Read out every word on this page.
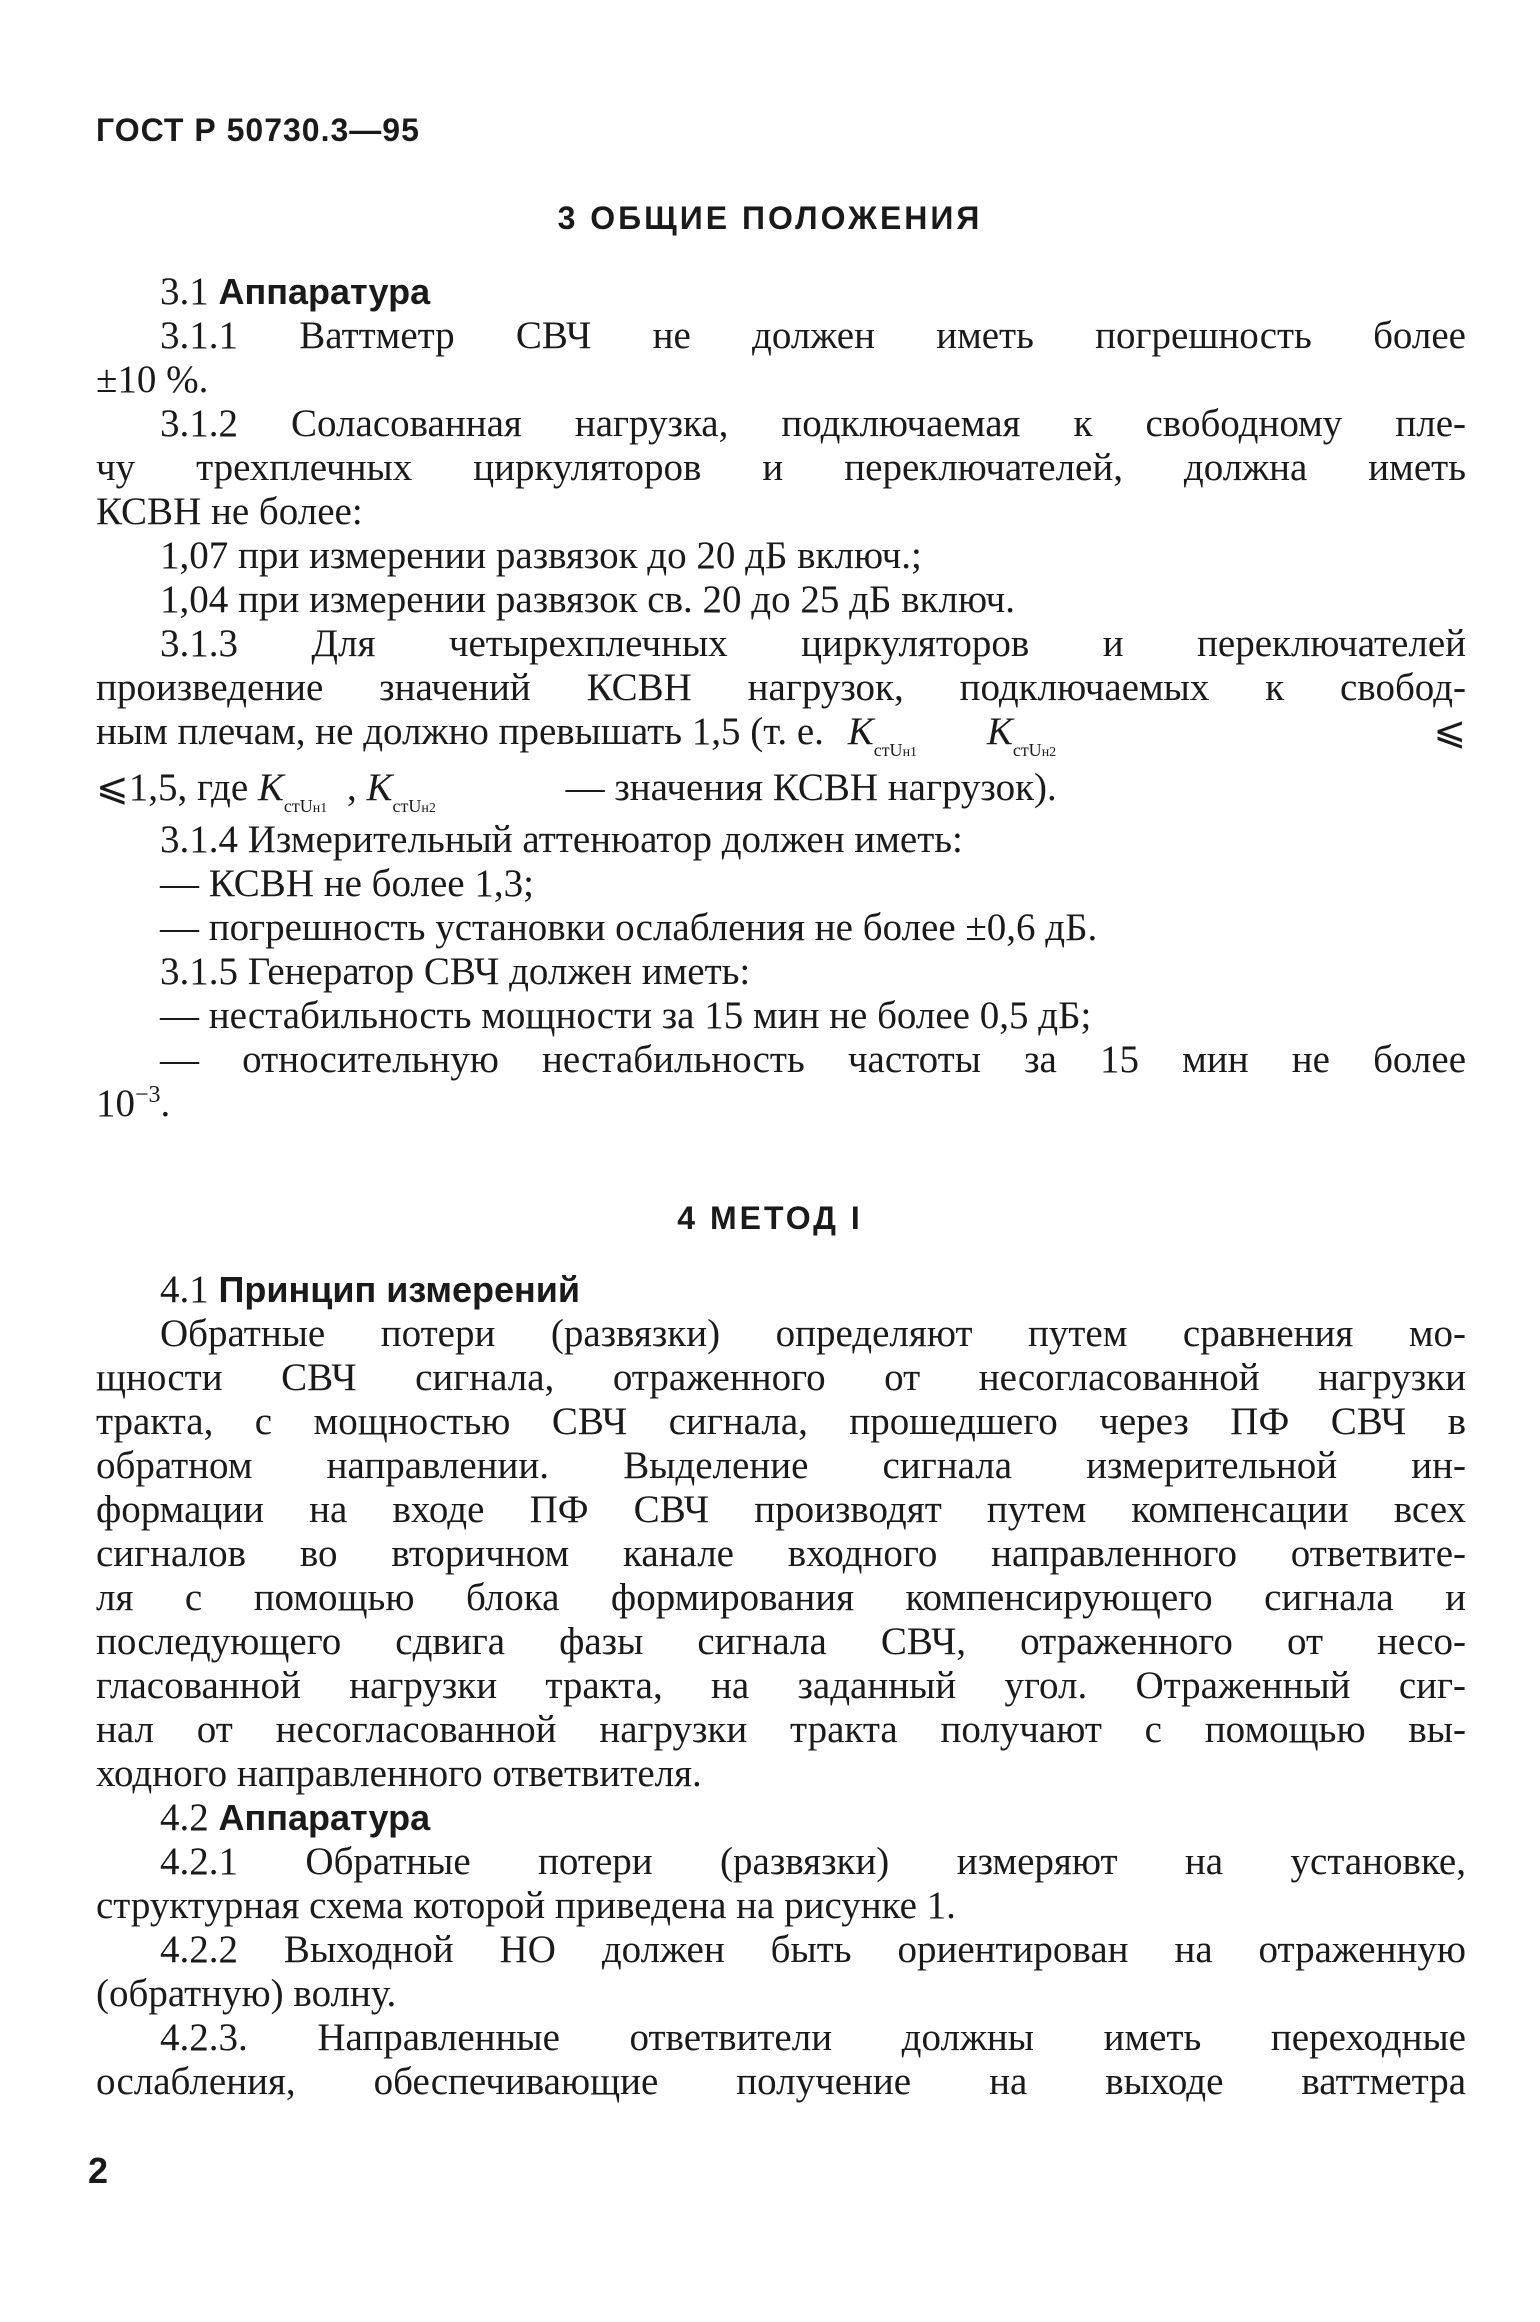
ГОСТ Р 50730.3—95
3 ОБЩИЕ ПОЛОЖЕНИЯ
3.1 Аппаратура
3.1.1 Ваттметр СВЧ не должен иметь погрешность более
±10 %.
3.1.2 Соласованная нагрузка, подключаемая к свободному пле-
чу трехплечных циркуляторов и переключателей, должна иметь
КСВН не более:
1,07 при измерении развязок до 20 дБ включ.;
1,04 при измерении развязок св. 20 до 25 дБ включ.
3.1.3 Для четырехплечных циркуляторов и переключателей
произведение значений КСВН нагрузок, подключаемых к свобод-
ным плечам, не должно превышать 1,5 (т. е. $K_{стUн1}$ $K_{стUн2}$	⩽
⩽1,5, где $K_{стUн1}$ , $K_{стUн2}$	— значения КСВН нагрузок).
3.1.4 Измерительный аттенюатор должен иметь:
— КСВН не более 1,3;
— погрешность установки ослабления не более ±0,6 дБ.
3.1.5 Генератор СВЧ должен иметь:
— нестабильность мощности за 15 мин не более 0,5 дБ;
— относительную нестабильность частоты за 15 мин не более
$10^{-3}$.
4 МЕТОД I
4.1 Принцип измерений
Обратные потери (развязки) определяют путем сравнения мо-
щности СВЧ сигнала, отраженного от несогласованной нагрузки
тракта, с мощностью СВЧ сигнала, прошедшего через ПФ СВЧ в
обратном направлении. Выделение сигнала измерительной ин-
формации на входе ПФ СВЧ производят путем компенсации всех
сигналов во вторичном канале входного направленного ответвите-
ля с помощью блока формирования компенсирующего сигнала и
последующего сдвига фазы сигнала СВЧ, отраженного от несо-
гласованной нагрузки тракта, на заданный угол. Отраженный сиг-
нал от несогласованной нагрузки тракта получают с помощью вы-
ходного направленного ответвителя.
4.2 Аппаратура
4.2.1 Обратные потери (развязки) измеряют на установке,
структурная схема которой приведена на рисунке 1.
4.2.2 Выходной НО должен быть ориентирован на отраженную
(обратную) волну.
4.2.3. Направленные ответвители должны иметь переходные
ослабления, обеспечивающие получение на выходе ваттметра
2
